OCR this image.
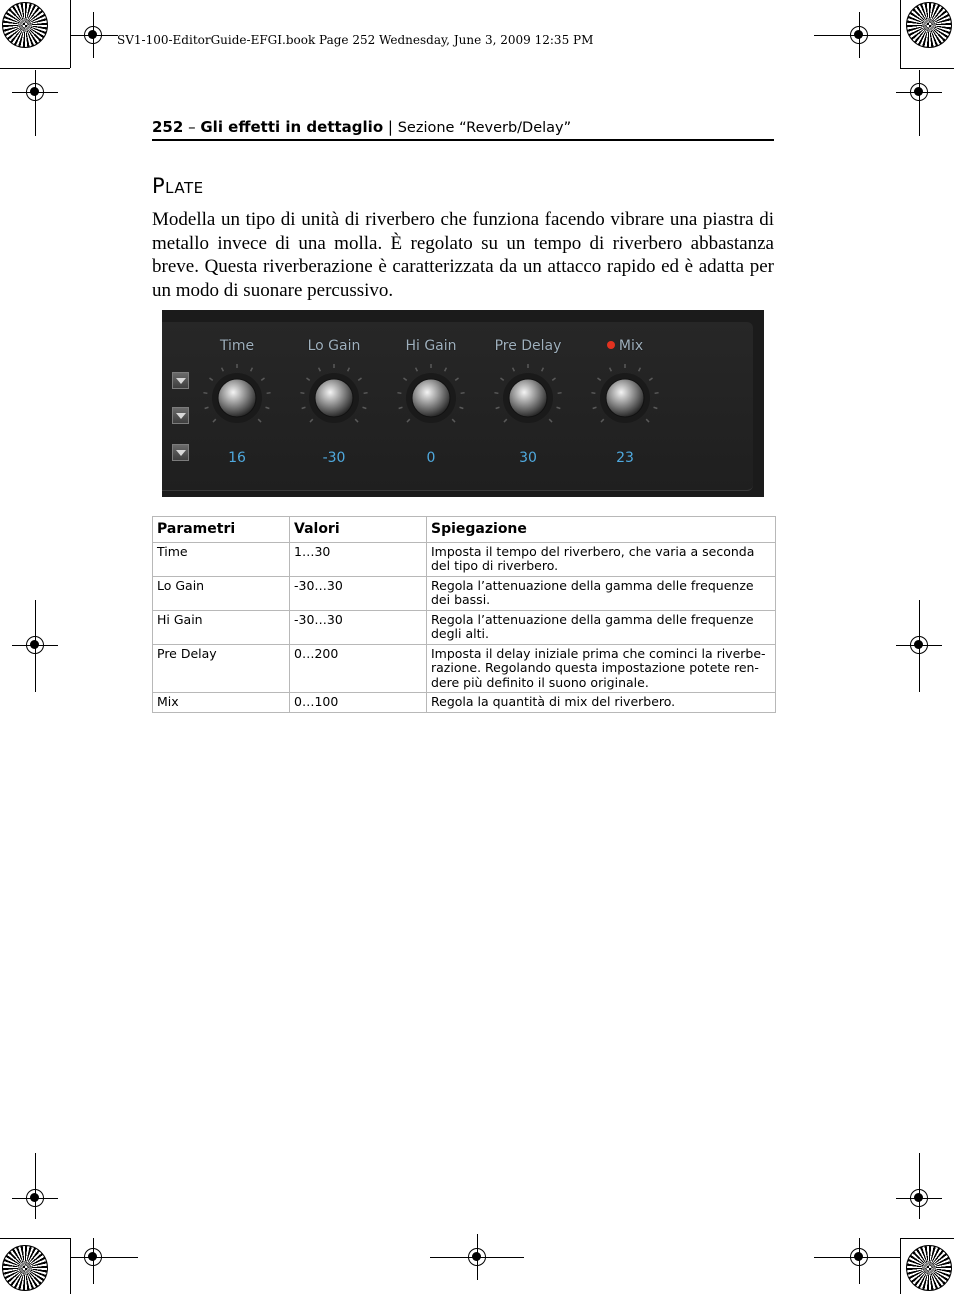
SV1-100-EditorGuide-EFGI.book Page 252 Wednesday, June 3, 2009 12:35 PM
252 – Gli effetti in dettaglio | Sezione “Reverb/Delay”
Plate
Modella un tipo di unità di riverbero che funziona facendo vibrare una piastra di metallo invece di una molla. È regolato su un tempo di riverbero abbastanza breve. Questa riverberazione è caratterizzata da un attacco rapido ed è adatta per un modo di suonare percussivo.
Time
16
Lo Gain
-30
Hi Gain
0
Pre Delay
30
Mix
23
Parametri	Valori	Spiegazione
Time	1…30	Imposta il tempo del riverbero, che varia a seconda del tipo di riverbero.
Lo Gain	-30…30	Regola l’attenuazione della gamma delle frequenze dei bassi.
Hi Gain	-30…30	Regola l’attenuazione della gamma delle frequenze degli alti.
Pre Delay	0…200	Imposta il delay iniziale prima che cominci la riverbe-razione. Regolando questa impostazione potete ren-dere più definito il suono originale.
Mix	0…100	Regola la quantità di mix del riverbero.
